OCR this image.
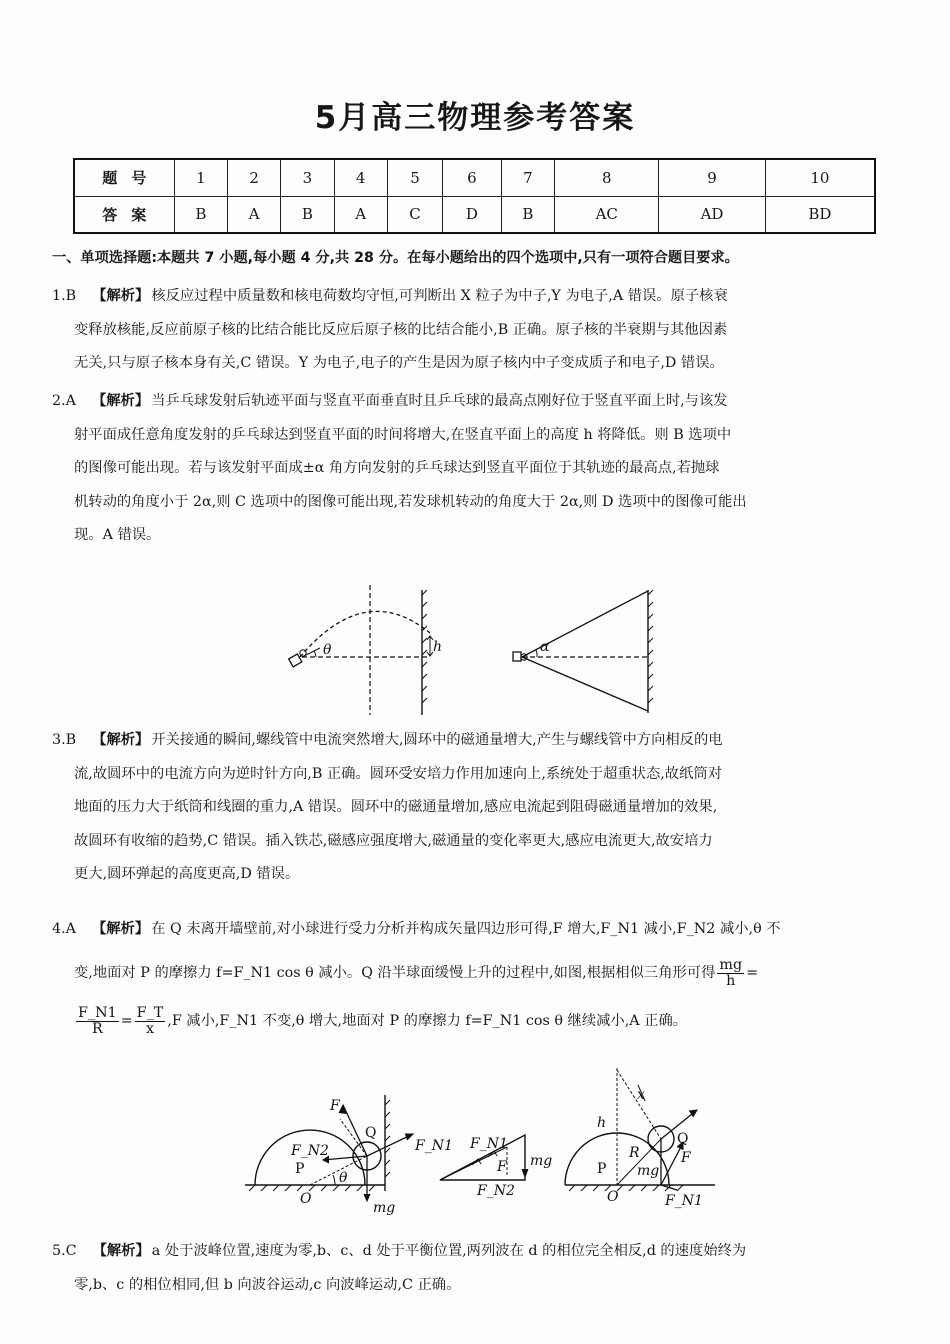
5月高三物理参考答案
题号	1	2	3	4	5	6	7	8	9	10
答案	B	A	B	A	C	D	B	AC	AD	BD
一、单项选择题:本题共 7 小题,每小题 4 分,共 28 分。在每小题给出的四个选项中,只有一项符合题目要求。
1.B 【解析】 核反应过程中质量数和核电荷数均守恒,可判断出 X 粒子为中子,Y 为电子,A 错误。原子核衰
变释放核能,反应前原子核的比结合能比反应后原子核的比结合能小,B 正确。原子核的半衰期与其他因素
无关,只与原子核本身有关,C 错误。Y 为电子,电子的产生是因为原子核内中子变成质子和电子,D 错误。
2.A 【解析】 当乒乓球发射后轨迹平面与竖直平面垂直时且乒乓球的最高点刚好位于竖直平面上时,与该发
射平面成任意角度发射的乒乓球达到竖直平面的时间将增大,在竖直平面上的高度 h 将降低。则 B 选项中
的图像可能出现。若与该发射平面成±α 角方向发射的乒乓球达到竖直平面位于其轨迹的最高点,若抛球
机转动的角度小于 2α,则 C 选项中的图像可能出现,若发球机转动的角度大于 2α,则 D 选项中的图像可能出
现。A 错误。
θ	h	α
3.B 【解析】 开关接通的瞬间,螺线管中电流突然增大,圆环中的磁通量增大,产生与螺线管中方向相反的电
流,故圆环中的电流方向为逆时针方向,B 正确。圆环受安培力作用加速向上,系统处于超重状态,故纸筒对
地面的压力大于纸筒和线圈的重力,A 错误。圆环中的磁通量增加,感应电流起到阻碍磁通量增加的效果,
故圆环有收缩的趋势,C 错误。插入铁芯,磁感应强度增大,磁通量的变化率更大,感应电流更大,故安培力
更大,圆环弹起的高度更高,D 错误。
4.A 【解析】 在 Q 未离开墙壁前,对小球进行受力分析并构成矢量四边形可得,F 增大,F_N1 减小,F_N2 减小,θ 不
变,地面对 P 的摩擦力 f=F_N1 cos θ 减小。Q 沿半球面缓慢上升的过程中,如图,根据相似三角形可得 $\frac{mg}{h}$ =
$\frac{F\_N1}{R} = \frac{F\_T}{x} ,F$ 减小,F_N1 不变,θ 增大,地面对 P 的摩擦力 f=F_N1 cos θ 继续减小,A 正确。
F
Q
F_N1
F_N2
P
O
θ
mg
F_N1
F mg
F_N2
x
h
Q
F
P
R
mg
O	F_N1
5.C 【解析】 a 处于波峰位置,速度为零,b、c、d 处于平衡位置,两列波在 d 的相位完全相反,d 的速度始终为
零,b、c 的相位相同,但 b 向波谷运动,c 向波峰运动,C 正确。
